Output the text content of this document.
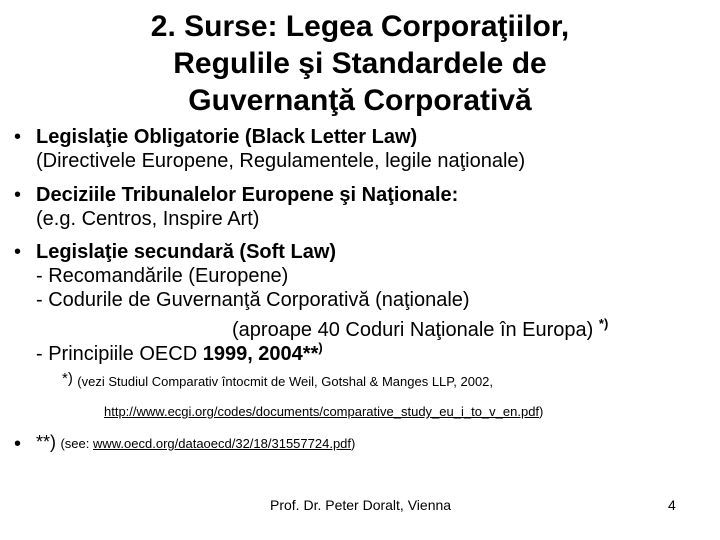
2. Surse: Legea Corporaţiilor,
Regulile şi Standardele de
Guvernanţă Corporativă
• Legislaţie Obligatorie (Black Letter Law)
(Directivele Europene, Regulamentele, legile naţionale)
• Deciziile Tribunalelor Europene şi Naţionale:
(e.g. Centros, Inspire Art)
• Legislaţie secundară (Soft Law)
- Recomandările (Europene)
- Codurile de Guvernanţă Corporativă (naţionale)
(aproape 40 Coduri Naţionale în Europa) *)
- Principiile OECD 1999, 2004**)
*) (vezi Studiul Comparativ întocmit de Weil, Gotshal & Manges LLP, 2002,
http://www.ecgi.org/codes/documents/comparative_study_eu_i_to_v_en.pdf)
• **) (see: www.oecd.org/dataoecd/32/18/31557724.pdf)
Prof. Dr. Peter Doralt, Vienna	4
